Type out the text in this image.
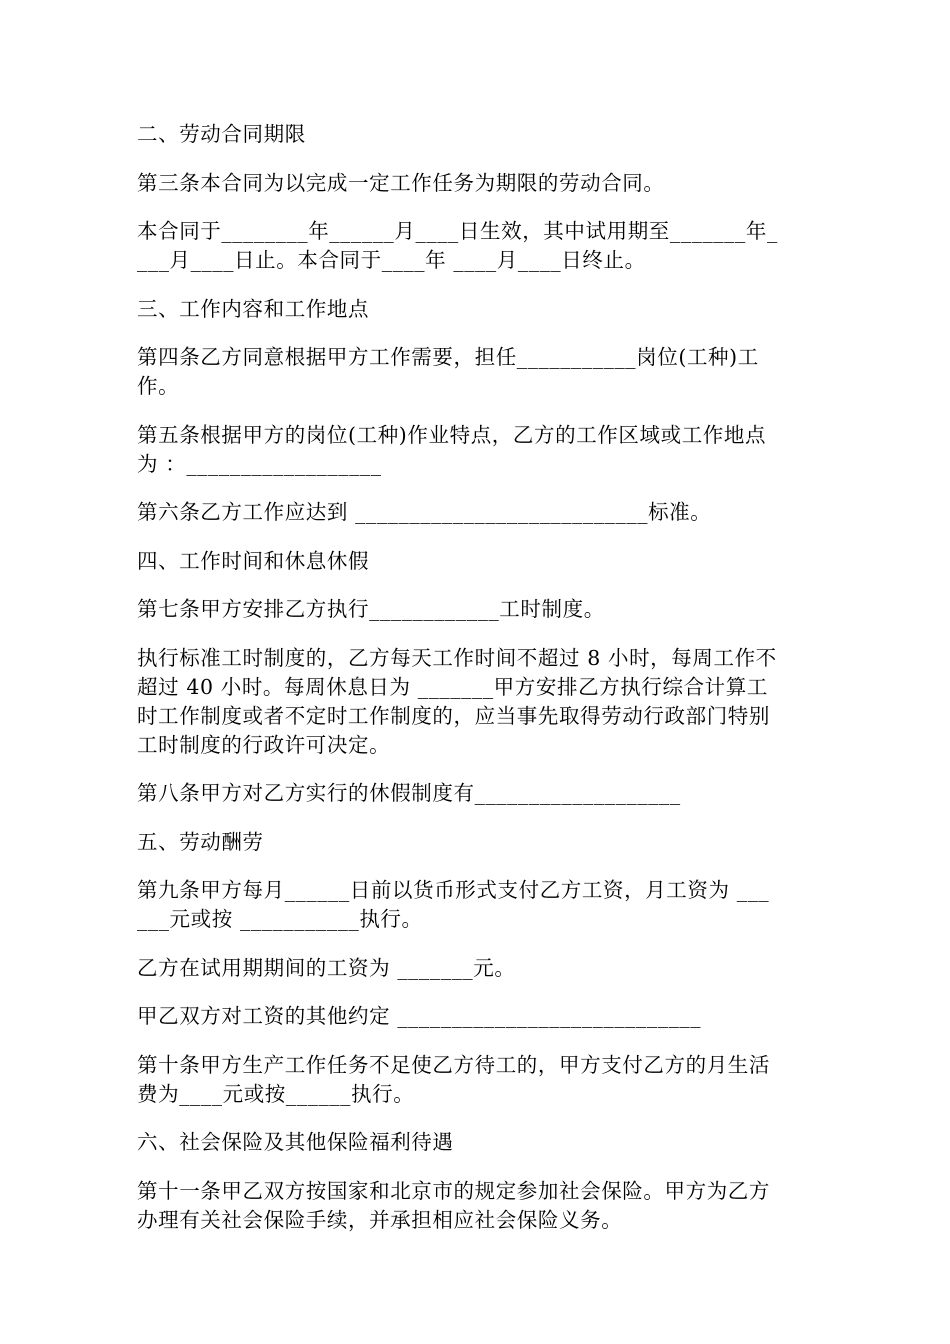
二、劳动合同期限

第三条本合同为以完成一定工作任务为期限的劳动合同。

本合同于________年______月____日生效，其中试用期至_______年_
___月____日止。本合同于____年 ____月____日终止。

三、工作内容和工作地点

第四条乙方同意根据甲方工作需要，担任___________岗位(工种)工
作。

第五条根据甲方的岗位(工种)作业特点，乙方的工作区域或工作地点
为 ：__________________

第六条乙方工作应达到 ___________________________标准。

四、工作时间和休息休假

第七条甲方安排乙方执行____________工时制度。

执行标准工时制度的，乙方每天工作时间不超过 8 小时，每周工作不
超过 40 小时。每周休息日为 _______甲方安排乙方执行综合计算工
时工作制度或者不定时工作制度的，应当事先取得劳动行政部门特别
工时制度的行政许可决定。

第八条甲方对乙方实行的休假制度有___________________

五、劳动酬劳

第九条甲方每月______日前以货币形式支付乙方工资，月工资为 ___
___元或按 ___________执行。

乙方在试用期期间的工资为 _______元。

甲乙双方对工资的其他约定 ____________________________

第十条甲方生产工作任务不足使乙方待工的，甲方支付乙方的月生活
费为____元或按______执行。

六、社会保险及其他保险福利待遇

第十一条甲乙双方按国家和北京市的规定参加社会保险。甲方为乙方
办理有关社会保险手续，并承担相应社会保险义务。
